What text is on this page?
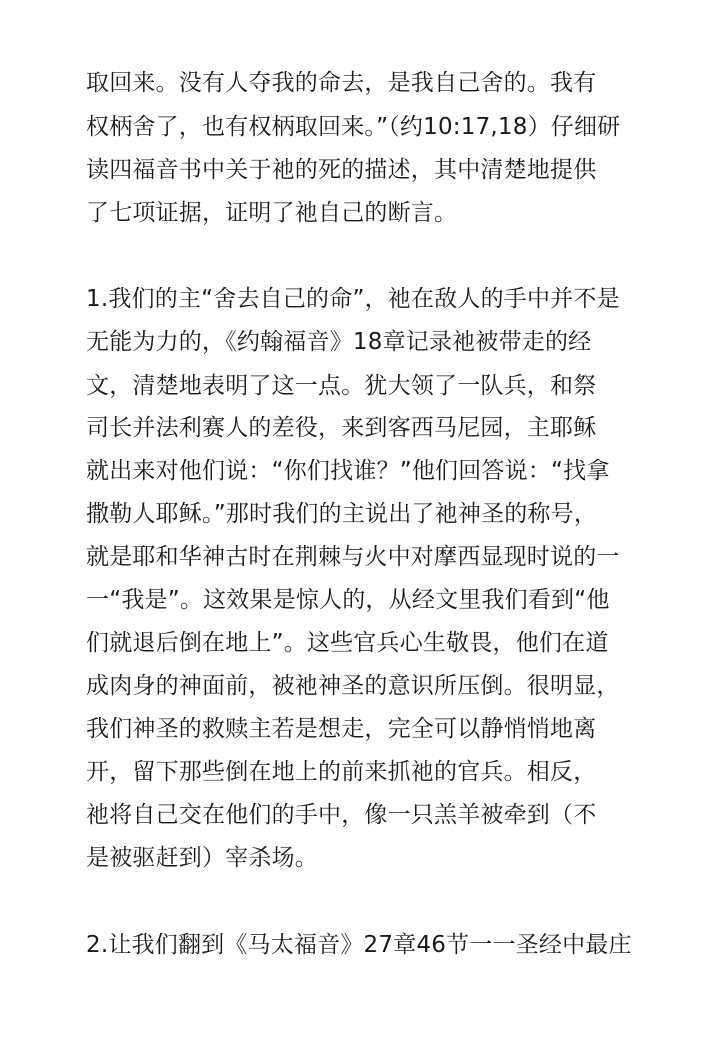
取回来。没有人夺我的命去，是我自己舍的。我有
权柄舍了，也有权柄取回来。”（约10:17,18）仔细研
读四福音书中关于祂的死的描述，其中清楚地提供
了七项证据，证明了祂自己的断言。
1.我们的主“舍去自己的命”，祂在敌人的手中并不是
无能为力的，《约翰福音》18章记录祂被带走的经
文，清楚地表明了这一点。犹大领了一队兵，和祭
司长并法利赛人的差役，来到客西马尼园，主耶稣
就出来对他们说：“你们找谁？”他们回答说：“找拿
撒勒人耶稣。”那时我们的主说出了祂神圣的称号，
就是耶和华神古时在荆棘与火中对摩西显现时说的一
一“我是”。这效果是惊人的，从经文里我们看到“他
们就退后倒在地上”。这些官兵心生敬畏，他们在道
成肉身的神面前，被祂神圣的意识所压倒。很明显，
我们神圣的救赎主若是想走，完全可以静悄悄地离
开，留下那些倒在地上的前来抓祂的官兵。相反，
祂将自己交在他们的手中，像一只羔羊被牵到（不
是被驱赶到）宰杀场。
2.让我们翻到《马太福音》27章46节一一圣经中最庄
